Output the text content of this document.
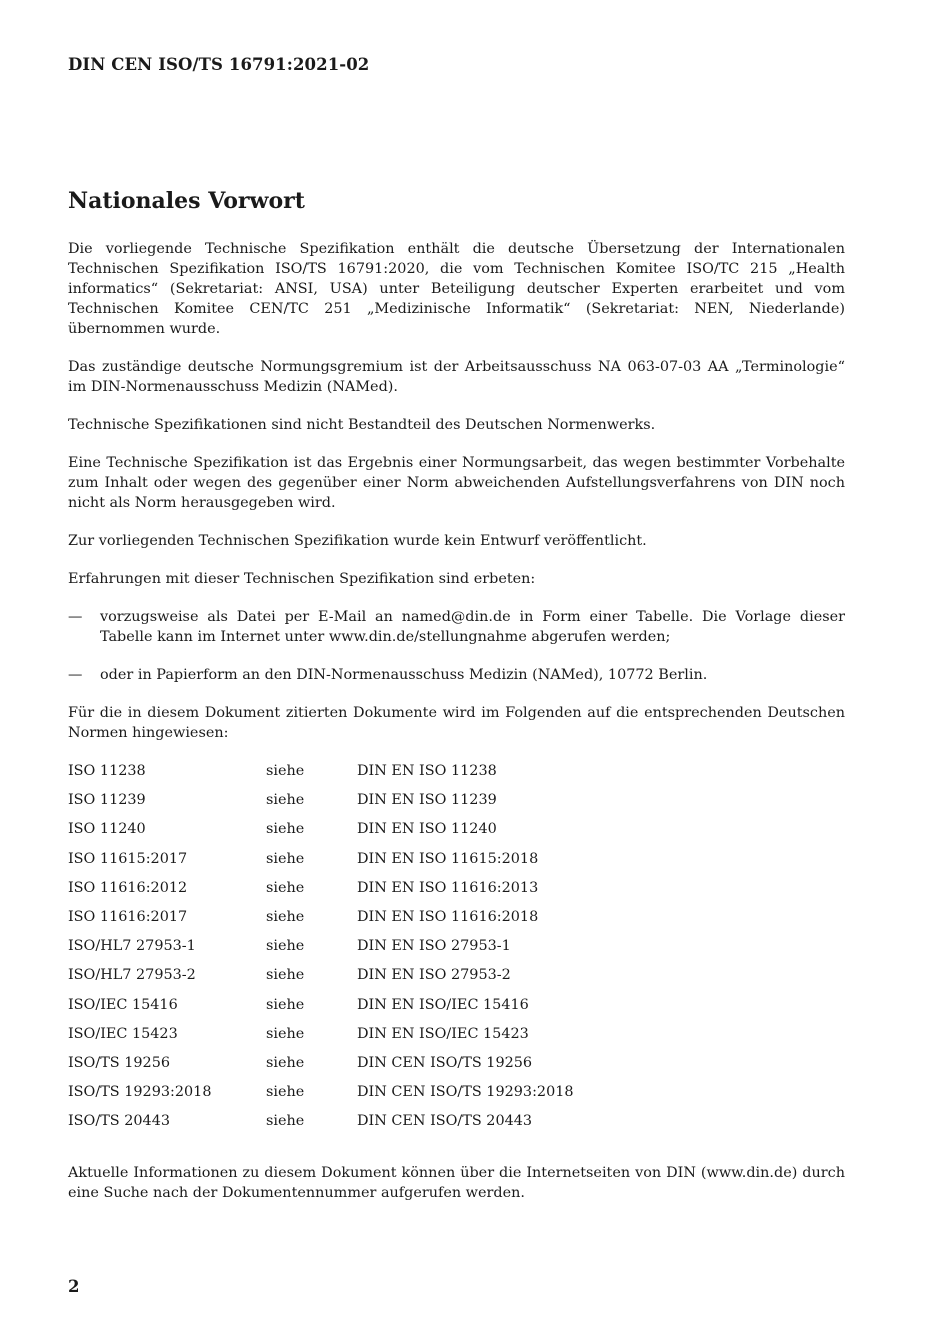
DIN CEN ISO/TS 16791:2021-02
Nationales Vorwort

Die vorliegende Technische Spezifikation enthält die deutsche Übersetzung der Internationalen Technischen Spezifikation ISO/TS 16791:2020, die vom Technischen Komitee ISO/TC 215 „Health informatics“ (Sekretariat: ANSI, USA) unter Beteiligung deutscher Experten erarbeitet und vom Technischen Komitee CEN/TC 251 „Medizinische Informatik“ (Sekretariat: NEN, Niederlande) übernommen wurde.

Das zuständige deutsche Normungsgremium ist der Arbeitsausschuss NA 063-07-03 AA „Terminologie“ im DIN-Normenausschuss Medizin (NAMed).

Technische Spezifikationen sind nicht Bestandteil des Deutschen Normenwerks.

Eine Technische Spezifikation ist das Ergebnis einer Normungsarbeit, das wegen bestimmter Vorbehalte zum Inhalt oder wegen des gegenüber einer Norm abweichenden Aufstellungsverfahrens von DIN noch nicht als Norm herausgegeben wird.

Zur vorliegenden Technischen Spezifikation wurde kein Entwurf veröffentlicht.

Erfahrungen mit dieser Technischen Spezifikation sind erbeten:

—	vorzugsweise als Datei per E-Mail an named@din.de in Form einer Tabelle. Die Vorlage dieser Tabelle kann im Internet unter www.din.de/stellungnahme abgerufen werden;
—	oder in Papierform an den DIN-Normenausschuss Medizin (NAMed), 10772 Berlin.

Für die in diesem Dokument zitierten Dokumente wird im Folgenden auf die entsprechenden Deutschen Normen hingewiesen:

ISO 11238	siehe	DIN EN ISO 11238
ISO 11239	siehe	DIN EN ISO 11239
ISO 11240	siehe	DIN EN ISO 11240
ISO 11615:2017	siehe	DIN EN ISO 11615:2018
ISO 11616:2012	siehe	DIN EN ISO 11616:2013
ISO 11616:2017	siehe	DIN EN ISO 11616:2018
ISO/HL7 27953-1	siehe	DIN EN ISO 27953-1
ISO/HL7 27953-2	siehe	DIN EN ISO 27953-2
ISO/IEC 15416	siehe	DIN EN ISO/IEC 15416
ISO/IEC 15423	siehe	DIN EN ISO/IEC 15423
ISO/TS 19256	siehe	DIN CEN ISO/TS 19256
ISO/TS 19293:2018	siehe	DIN CEN ISO/TS 19293:2018
ISO/TS 20443	siehe	DIN CEN ISO/TS 20443
Aktuelle Informationen zu diesem Dokument können über die Internetseiten von DIN (www.din.de) durch eine Suche nach der Dokumentennummer aufgerufen werden.
2
